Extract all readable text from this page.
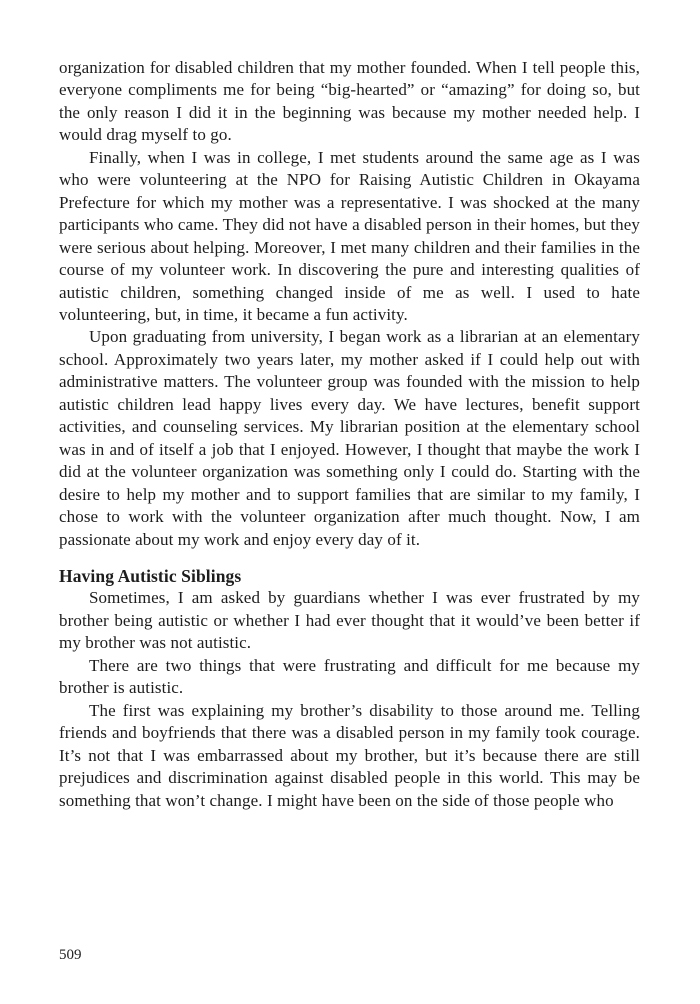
organization for disabled children that my mother founded. When I tell people this, everyone compliments me for being “big-hearted” or “amazing” for doing so, but the only reason I did it in the beginning was because my mother needed help. I would drag myself to go.

Finally, when I was in college, I met students around the same age as I was who were volunteering at the NPO for Raising Autistic Children in Okayama Prefecture for which my mother was a representative. I was shocked at the many participants who came. They did not have a disabled person in their homes, but they were serious about helping. Moreover, I met many children and their families in the course of my volunteer work. In discovering the pure and interesting qualities of autistic children, something changed inside of me as well. I used to hate volunteering, but, in time, it became a fun activity.

Upon graduating from university, I began work as a librarian at an elementary school. Approximately two years later, my mother asked if I could help out with administrative matters. The volunteer group was founded with the mission to help autistic children lead happy lives every day. We have lectures, benefit support activities, and counseling services. My librarian position at the elementary school was in and of itself a job that I enjoyed. However, I thought that maybe the work I did at the volunteer organization was something only I could do. Starting with the desire to help my mother and to support families that are similar to my family, I chose to work with the volunteer organization after much thought. Now, I am passionate about my work and enjoy every day of it.

Having Autistic Siblings

Sometimes, I am asked by guardians whether I was ever frustrated by my brother being autistic or whether I had ever thought that it would’ve been better if my brother was not autistic.

There are two things that were frustrating and difficult for me because my brother is autistic.

The first was explaining my brother’s disability to those around me. Telling friends and boyfriends that there was a disabled person in my family took courage. It’s not that I was embarrassed about my brother, but it’s because there are still prejudices and discrimination against disabled people in this world. This may be something that won’t change. I might have been on the side of those people who

509
